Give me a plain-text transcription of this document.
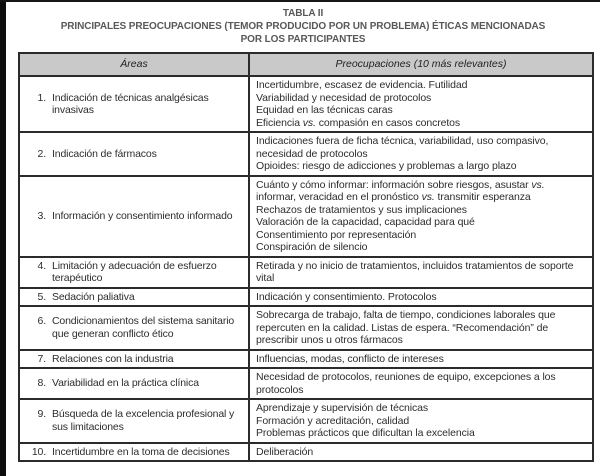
TABLA II
PRINCIPALES PREOCUPACIONES (TEMOR PRODUCIDO POR UN PROBLEMA) ÉTICAS MENCIONADAS
POR LOS PARTICIPANTES
Áreas	Preocupaciones (10 más relevantes)

1. Indicación de técnicas analgésicas invasivas	Incertidumbre, escasez de evidencia. Futilidad
Variabilidad y necesidad de protocolos
Equidad en las técnicas caras
Eficiencia vs. compasión en casos concretos

2. Indicación de fármacos	Indicaciones fuera de ficha técnica, variabilidad, uso compasivo, necesidad de protocolos
Opioides: riesgo de adicciones y problemas a largo plazo

3. Información y consentimiento informado	Cuánto y cómo informar: información sobre riesgos, asustar vs. informar, veracidad en el pronóstico vs. transmitir esperanza
Rechazos de tratamientos y sus implicaciones
Valoración de la capacidad, capacidad para qué
Consentimiento por representación
Conspiración de silencio

4. Limitación y adecuación de esfuerzo terapéutico	Retirada y no inicio de tratamientos, incluidos tratamientos de soporte vital

5. Sedación paliativa	Indicación y consentimiento. Protocolos

6. Condicionamientos del sistema sanitario que generan conflicto ético	Sobrecarga de trabajo, falta de tiempo, condiciones laborales que repercuten en la calidad. Listas de espera. “Recomendación” de prescribir unos u otros fármacos

7. Relaciones con la industria	Influencias, modas, conflicto de intereses

8. Variabilidad en la práctica clínica	Necesidad de protocolos, reuniones de equipo, excepciones a los protocolos

9. Búsqueda de la excelencia profesional y sus limitaciones	Aprendizaje y supervisión de técnicas
Formación y acreditación, calidad
Problemas prácticos que dificultan la excelencia

10. Incertidumbre en la toma de decisiones	Deliberación
